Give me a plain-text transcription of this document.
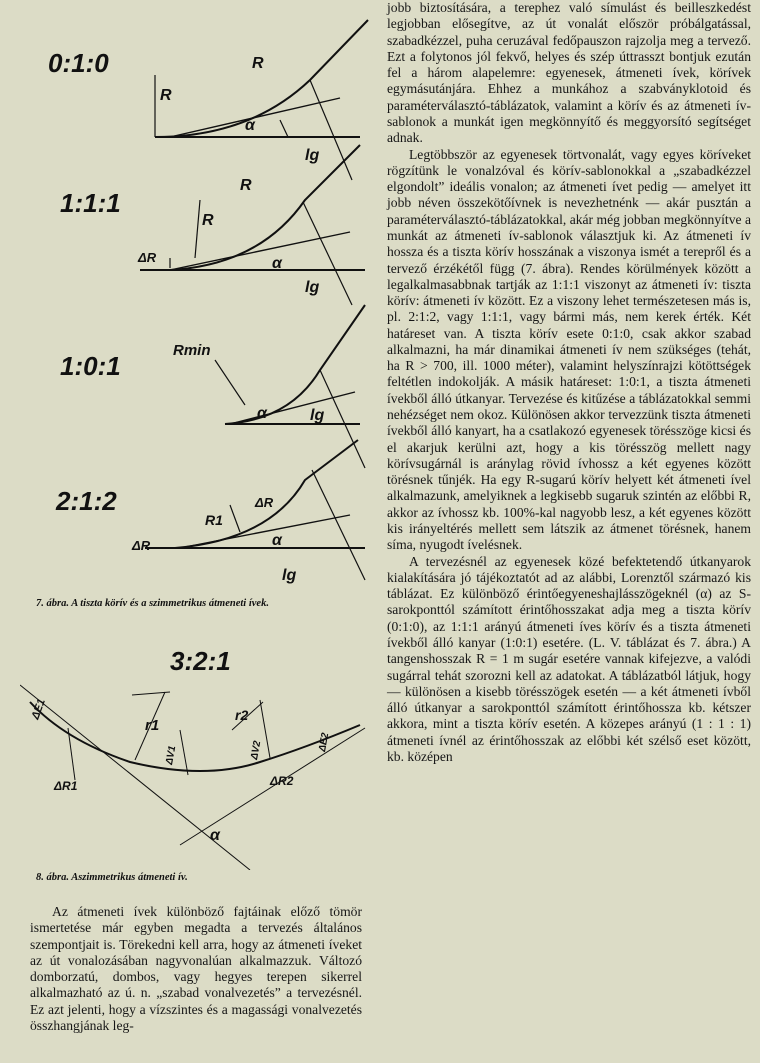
0:1:0
R
R
α
lg
1:1:1
R
R
ΔR	α
lg
1:0:1
Rmin
α	lg
2:1:2
R1
ΔR
ΔR
α
lg
7. ábra. A tiszta körív és a szimmetrikus átmeneti ívek.
3:2:1
ΔE1
r1
r2
ΔR1	ΔR2
ΔV1	ΔV2	ΔE2
α
8. ábra. Aszimmetrikus átmeneti ív.

Az átmeneti ívek különböző fajtáinak előző tömör ismertetése már egyben megadta a tervezés általános szempontjait is. Törekedni kell arra, hogy az átmeneti íveket az út vonalozásában nagyvonalúan alkalmazzuk. Változó domborzatú, dombos, vagy hegyes terepen sikerrel alkalmazható az ú. n. „szabad vonalvezetés” a tervezésnél. Ez azt jelenti, hogy a vízszintes és a magassági vonalvezetés összhangjának leg-

jobb biztosítására, a terephez való símulást és beilleszkedést legjobban elősegítve, az út vonalát először próbálgatással, szabadkézzel, puha ceruzával fedőpauszon rajzolja meg a tervező. Ezt a folytonos jól fekvő, helyes és szép úttrasszt bontjuk ezután fel a három alapelemre: egyenesek, átmeneti ívek, körívek egymásutánjára. Ehhez a munkához a szabványklotoid és paraméterválasztó-táblázatok, valamint a körív és az átmeneti ív-sablonok a munkát igen megkönnyítő és meggyorsító segítséget adnak.

Legtöbbször az egyenesek törtvonalát, vagy egyes köríveket rögzítünk le vonalzóval és körív-sablonokkal a „szabadkézzel elgondolt” ideális vonalon; az átmeneti ívet pedig — amelyet itt jobb néven összekötőívnek is nevezhetnénk — akár pusztán a paraméterválasztó-táblázatokkal, akár még jobban megkönnyítve a munkát az átmeneti ív-sablonok választjuk ki. Az átmeneti ív hossza és a tiszta körív hosszának a viszonya ismét a terepről és a tervező érzékétől függ (7. ábra). Rendes körülmények között a legalkalmasabbnak tartják az 1:1:1 viszonyt az átmeneti ív: tiszta körív: átmeneti ív között. Ez a viszony lehet természetesen más is, pl. 2:1:2, vagy 1:1:1, vagy bármi más, nem kerek érték. Két határeset van. A tiszta körív esete 0:1:0, csak akkor szabad alkalmazni, ha már dinamikai átmeneti ív nem szükséges (tehát, ha R > 700, ill. 1000 méter), valamint helyszínrajzi kötöttségek feltétlen indokolják. A másik határeset: 1:0:1, a tiszta átmeneti ívekből álló útkanyar. Tervezése és kitűzése a táblázatokkal semmi nehézséget nem okoz. Különösen akkor tervezzünk tiszta átmeneti ívekből álló kanyart, ha a csatlakozó egyenesek törésszöge kicsi és el akarjuk kerülni azt, hogy a kis törésszög mellett nagy körívsugárnál is aránylag rövid ívhossz a két egyenes között törésnek tűnjék. Ha egy R-sugarú körív helyett két átmeneti ível alkalmazunk, amelyiknek a legkisebb sugaruk szintén az előbbi R, akkor az ívhossz kb. 100%-kal nagyobb lesz, a két egyenes között kis irányeltérés mellett sem látszik az átmenet törésnek, hanem síma, nyugodt ívelésnek.

A tervezésnél az egyenesek közé befektetendő útkanyarok kialakítására jó tájékoztatót ad az alábbi, Lorenztől származó kis táblázat. Ez különböző érintőegyeneshajlásszögeknél (α) az S-sarokponttól számított érintőhosszakat adja meg a tiszta körív (0:1:0), az 1:1:1 arányú átmeneti íves körív és a tiszta átmeneti ívekből álló kanyar (1:0:1) esetére. (L. V. táblázat és 7. ábra.) A tangenshosszak R = 1 m sugár esetére vannak kifejezve, a valódi sugárral tehát szorozni kell az adatokat. A táblázatból látjuk, hogy — különösen a kisebb törésszögek esetén — a két átmeneti ívből álló útkanyar a sarokponttól számított érintőhossza kb. kétszer akkora, mint a tiszta körív esetén. A közepes arányú (1 : 1 : 1) átmeneti ívnél az érintőhosszak az előbbi két szélső eset között, kb. középen
